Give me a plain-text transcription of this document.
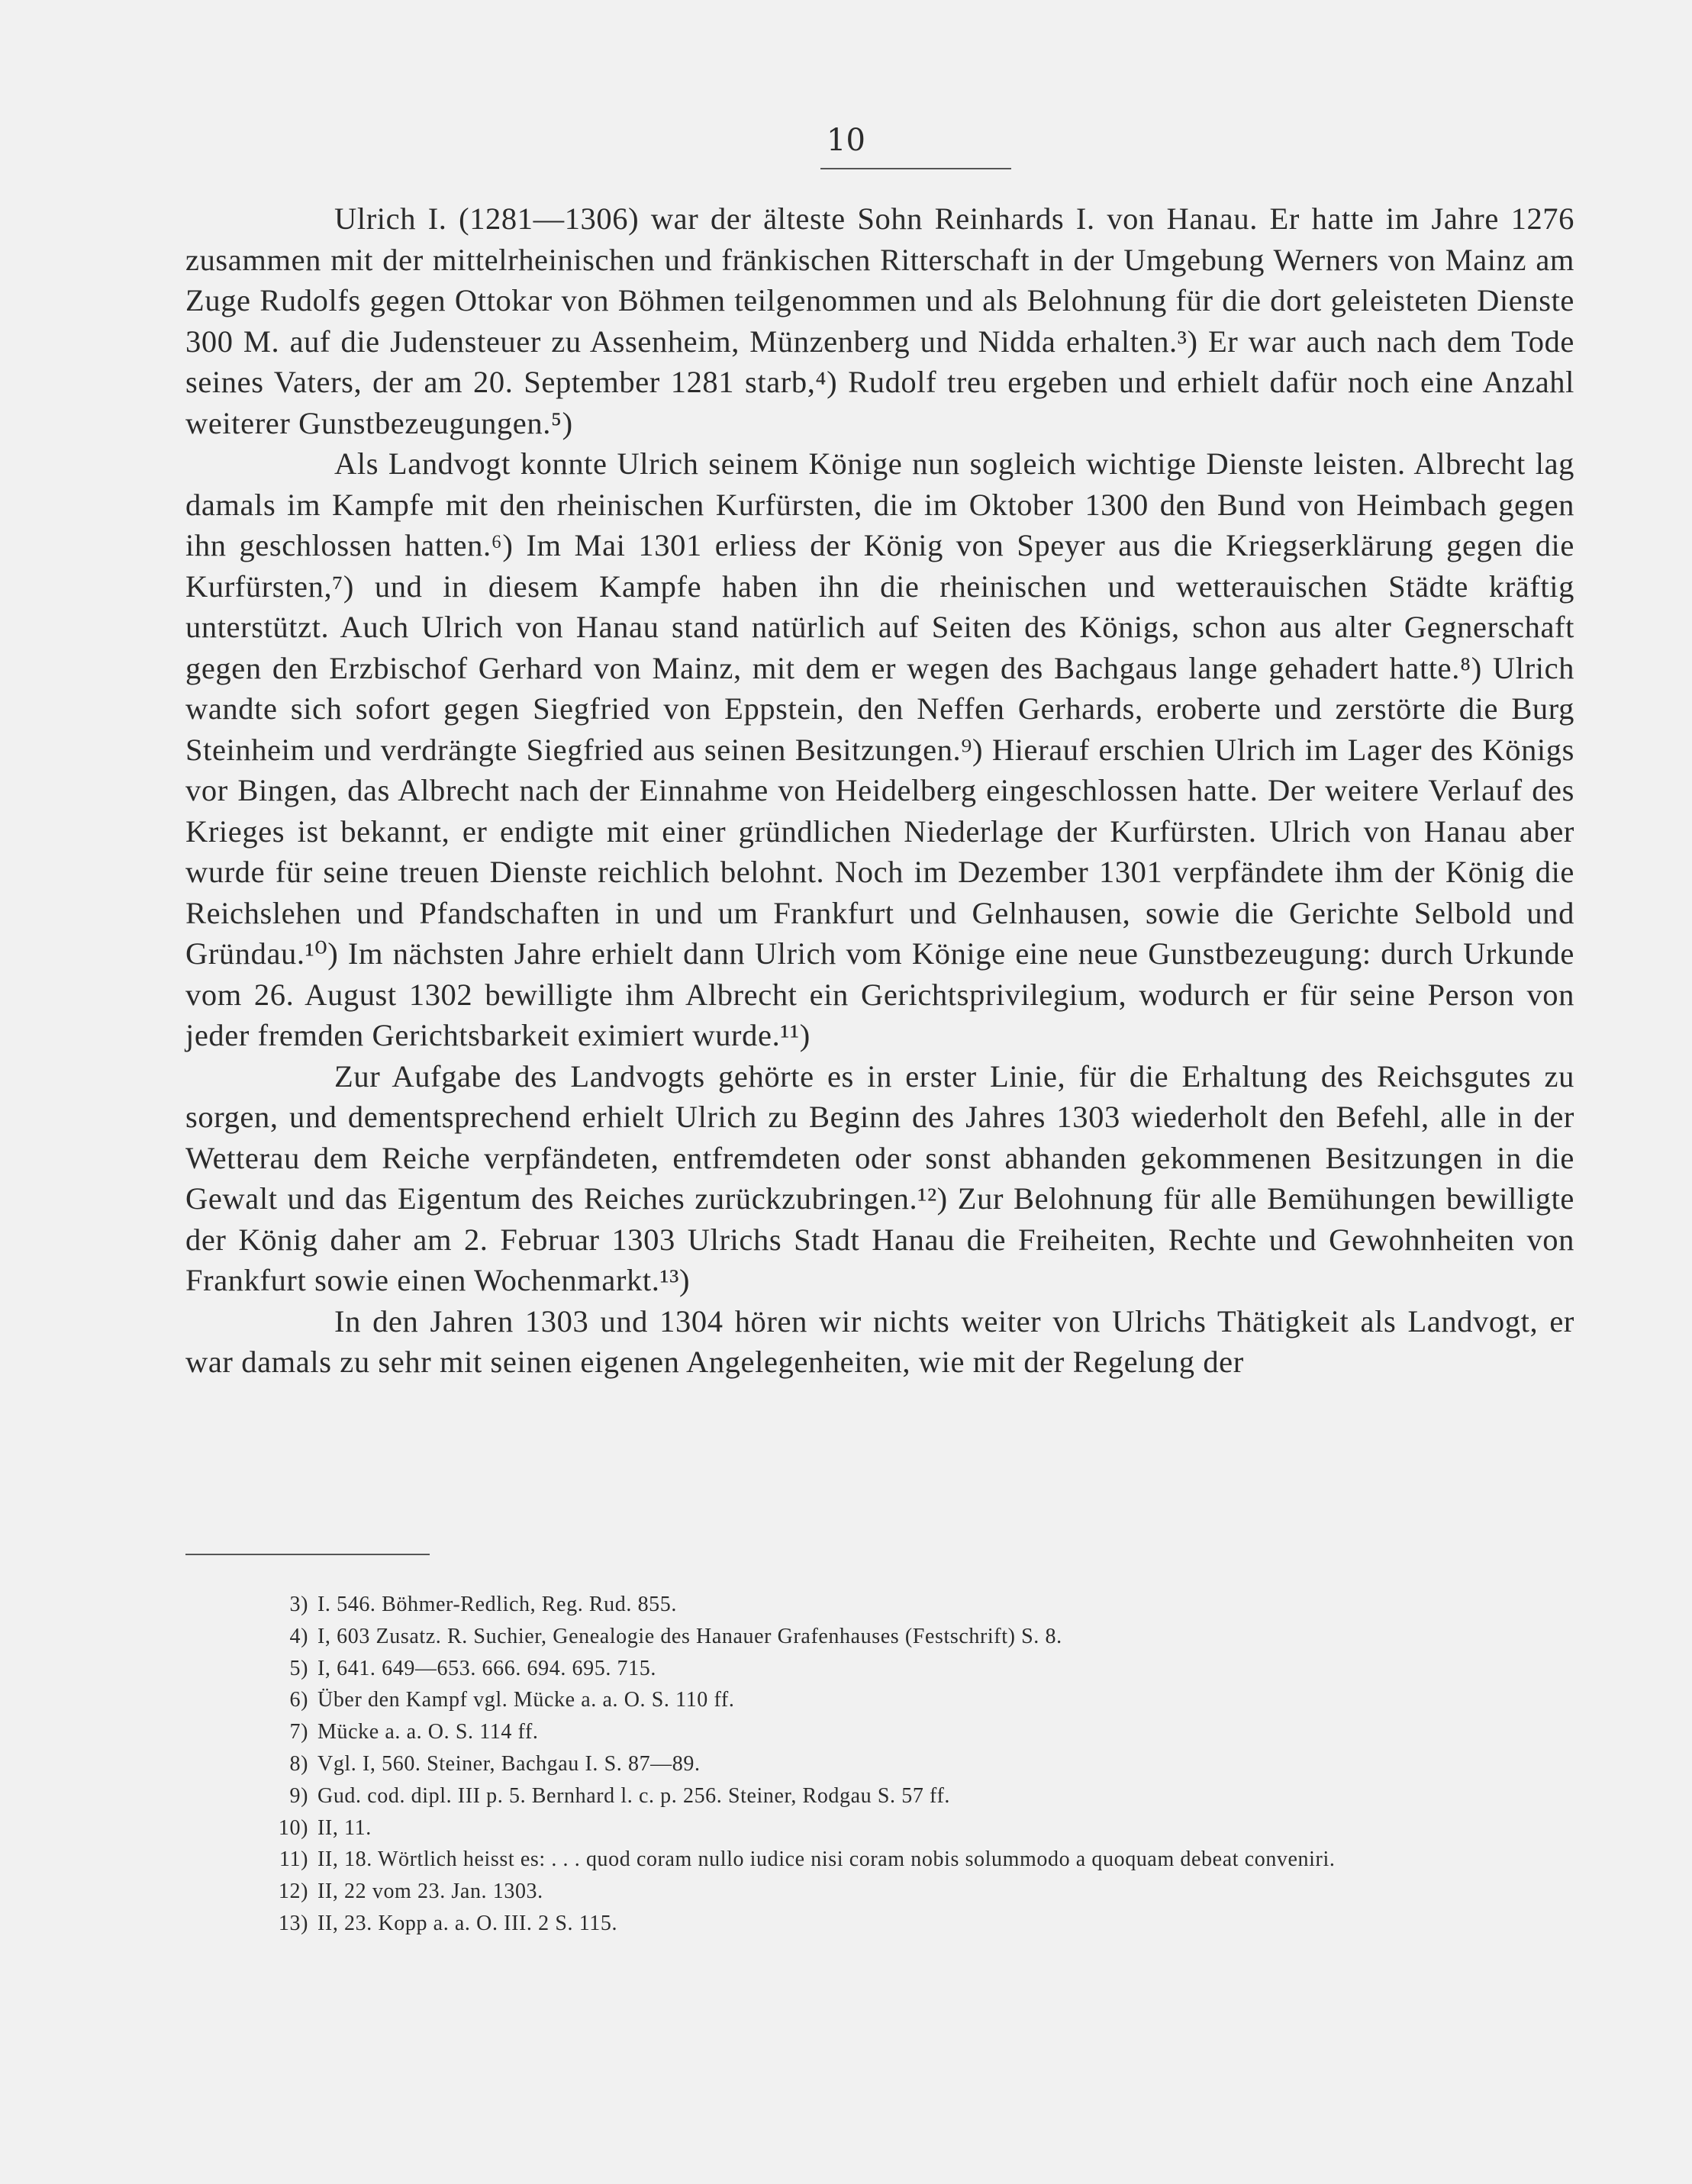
10

Ulrich I. (1281—1306) war der älteste Sohn Reinhards I. von Hanau. Er hatte im Jahre 1276 zusammen mit der mittelrheinischen und fränkischen Ritterschaft in der Umgebung Werners von Mainz am Zuge Rudolfs gegen Ottokar von Böhmen teilgenommen und als Belohnung für die dort geleisteten Dienste 300 M. auf die Judensteuer zu Assenheim, Münzenberg und Nidda erhalten.³) Er war auch nach dem Tode seines Vaters, der am 20. September 1281 starb,⁴) Rudolf treu ergeben und erhielt dafür noch eine Anzahl weiterer Gunstbezeugungen.⁵)

Als Landvogt konnte Ulrich seinem Könige nun sogleich wichtige Dienste leisten. Albrecht lag damals im Kampfe mit den rheinischen Kurfürsten, die im Oktober 1300 den Bund von Heimbach gegen ihn geschlossen hatten.⁶) Im Mai 1301 erliess der König von Speyer aus die Kriegserklärung gegen die Kurfürsten,⁷) und in diesem Kampfe haben ihn die rheinischen und wetterauischen Städte kräftig unterstützt. Auch Ulrich von Hanau stand natürlich auf Seiten des Königs, schon aus alter Gegnerschaft gegen den Erzbischof Gerhard von Mainz, mit dem er wegen des Bachgaus lange gehadert hatte.⁸) Ulrich wandte sich sofort gegen Siegfried von Eppstein, den Neffen Gerhards, eroberte und zerstörte die Burg Steinheim und verdrängte Siegfried aus seinen Besitzungen.⁹) Hierauf erschien Ulrich im Lager des Königs vor Bingen, das Albrecht nach der Einnahme von Heidelberg eingeschlossen hatte. Der weitere Verlauf des Krieges ist bekannt, er endigte mit einer gründlichen Niederlage der Kurfürsten. Ulrich von Hanau aber wurde für seine treuen Dienste reichlich belohnt. Noch im Dezember 1301 verpfändete ihm der König die Reichslehen und Pfandschaften in und um Frankfurt und Gelnhausen, sowie die Gerichte Selbold und Gründau.¹⁰) Im nächsten Jahre erhielt dann Ulrich vom Könige eine neue Gunstbezeugung: durch Urkunde vom 26. August 1302 bewilligte ihm Albrecht ein Gerichtsprivilegium, wodurch er für seine Person von jeder fremden Gerichtsbarkeit eximiert wurde.¹¹)

Zur Aufgabe des Landvogts gehörte es in erster Linie, für die Erhaltung des Reichsgutes zu sorgen, und dementsprechend erhielt Ulrich zu Beginn des Jahres 1303 wiederholt den Befehl, alle in der Wetterau dem Reiche verpfändeten, entfremdeten oder sonst abhanden gekommenen Besitzungen in die Gewalt und das Eigentum des Reiches zurückzubringen.¹²) Zur Belohnung für alle Bemühungen bewilligte der König daher am 2. Februar 1303 Ulrichs Stadt Hanau die Freiheiten, Rechte und Gewohnheiten von Frankfurt sowie einen Wochenmarkt.¹³)

In den Jahren 1303 und 1304 hören wir nichts weiter von Ulrichs Thätigkeit als Landvogt, er war damals zu sehr mit seinen eigenen Angelegenheiten, wie mit der Regelung der

3) I. 546. Böhmer-Redlich, Reg. Rud. 855.

4) I, 603 Zusatz. R. Suchier, Genealogie des Hanauer Grafenhauses (Festschrift) S. 8.

5) I, 641. 649—653. 666. 694. 695. 715.

6) Über den Kampf vgl. Mücke a. a. O. S. 110 ff.

7) Mücke a. a. O. S. 114 ff.

8) Vgl. I, 560. Steiner, Bachgau I. S. 87—89.

9) Gud. cod. dipl. III p. 5. Bernhard l. c. p. 256. Steiner, Rodgau S. 57 ff.

10) II, 11.

11) II, 18. Wörtlich heisst es: . . . quod coram nullo iudice nisi coram nobis solummodo a quoquam debeat conveniri.

12) II, 22 vom 23. Jan. 1303.

13) II, 23. Kopp a. a. O. III. 2 S. 115.
